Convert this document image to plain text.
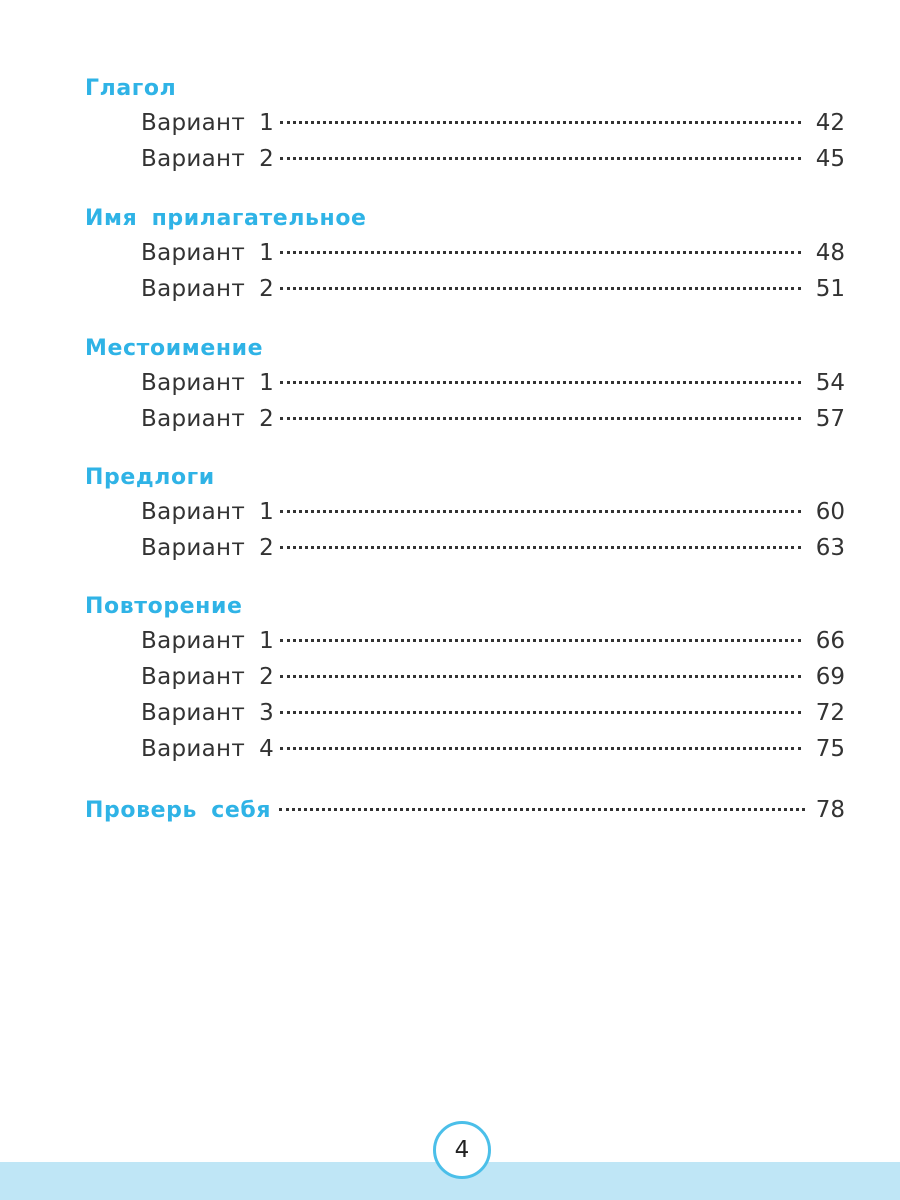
Глагол
Вариант 1	42
Вариант 2	45
Имя прилагательное
Вариант 1	48
Вариант 2	51
Местоимение
Вариант 1	54
Вариант 2	57
Предлоги
Вариант 1	60
Вариант 2	63
Повторение
Вариант 1	66
Вариант 2	69
Вариант 3	72
Вариант 4	75
Проверь себя	78
4
